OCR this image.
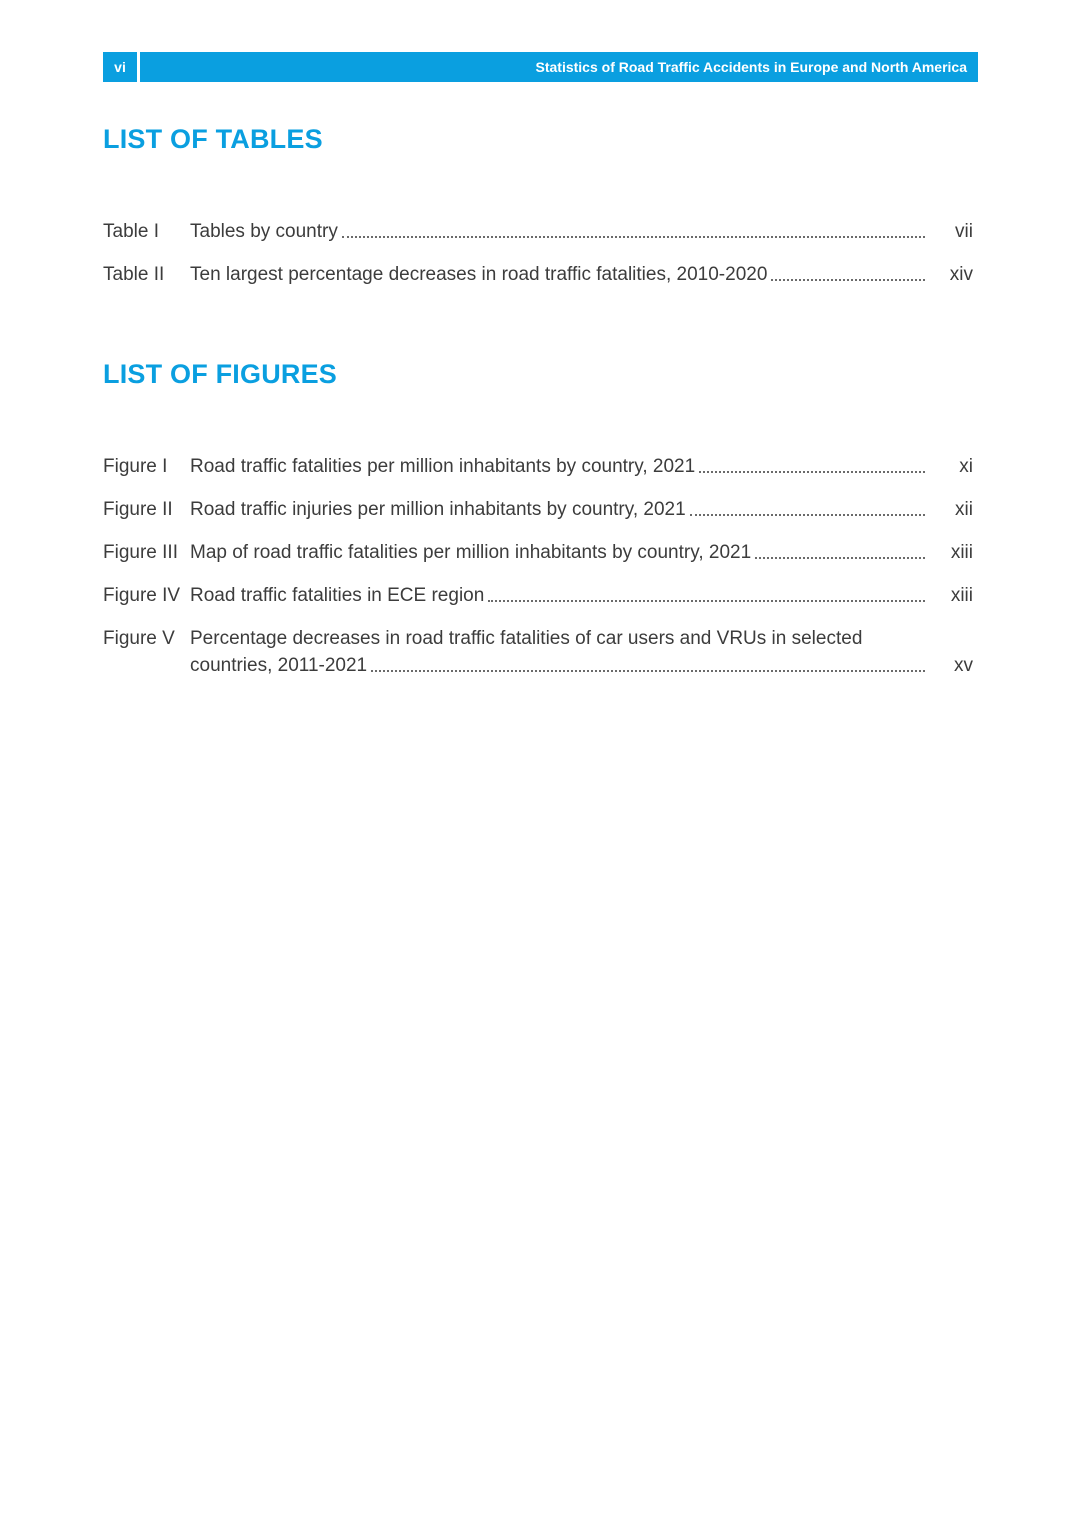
vi	Statistics of Road Traffic Accidents in Europe and North America
LIST OF TABLES
Table I	Tables by country	vii
Table II	Ten largest percentage decreases in road traffic fatalities, 2010-2020	xiv
LIST OF FIGURES
Figure I	Road traffic fatalities per million inhabitants by country, 2021	xi
Figure II Road traffic injuries per million inhabitants by country, 2021	xii
Figure III Map of road traffic fatalities per million inhabitants by country, 2021	xiii
Figure IV Road traffic fatalities in ECE region	xiii
Figure V Percentage decreases in road traffic fatalities of car users and VRUs in selected
countries, 2011-2021	xv
